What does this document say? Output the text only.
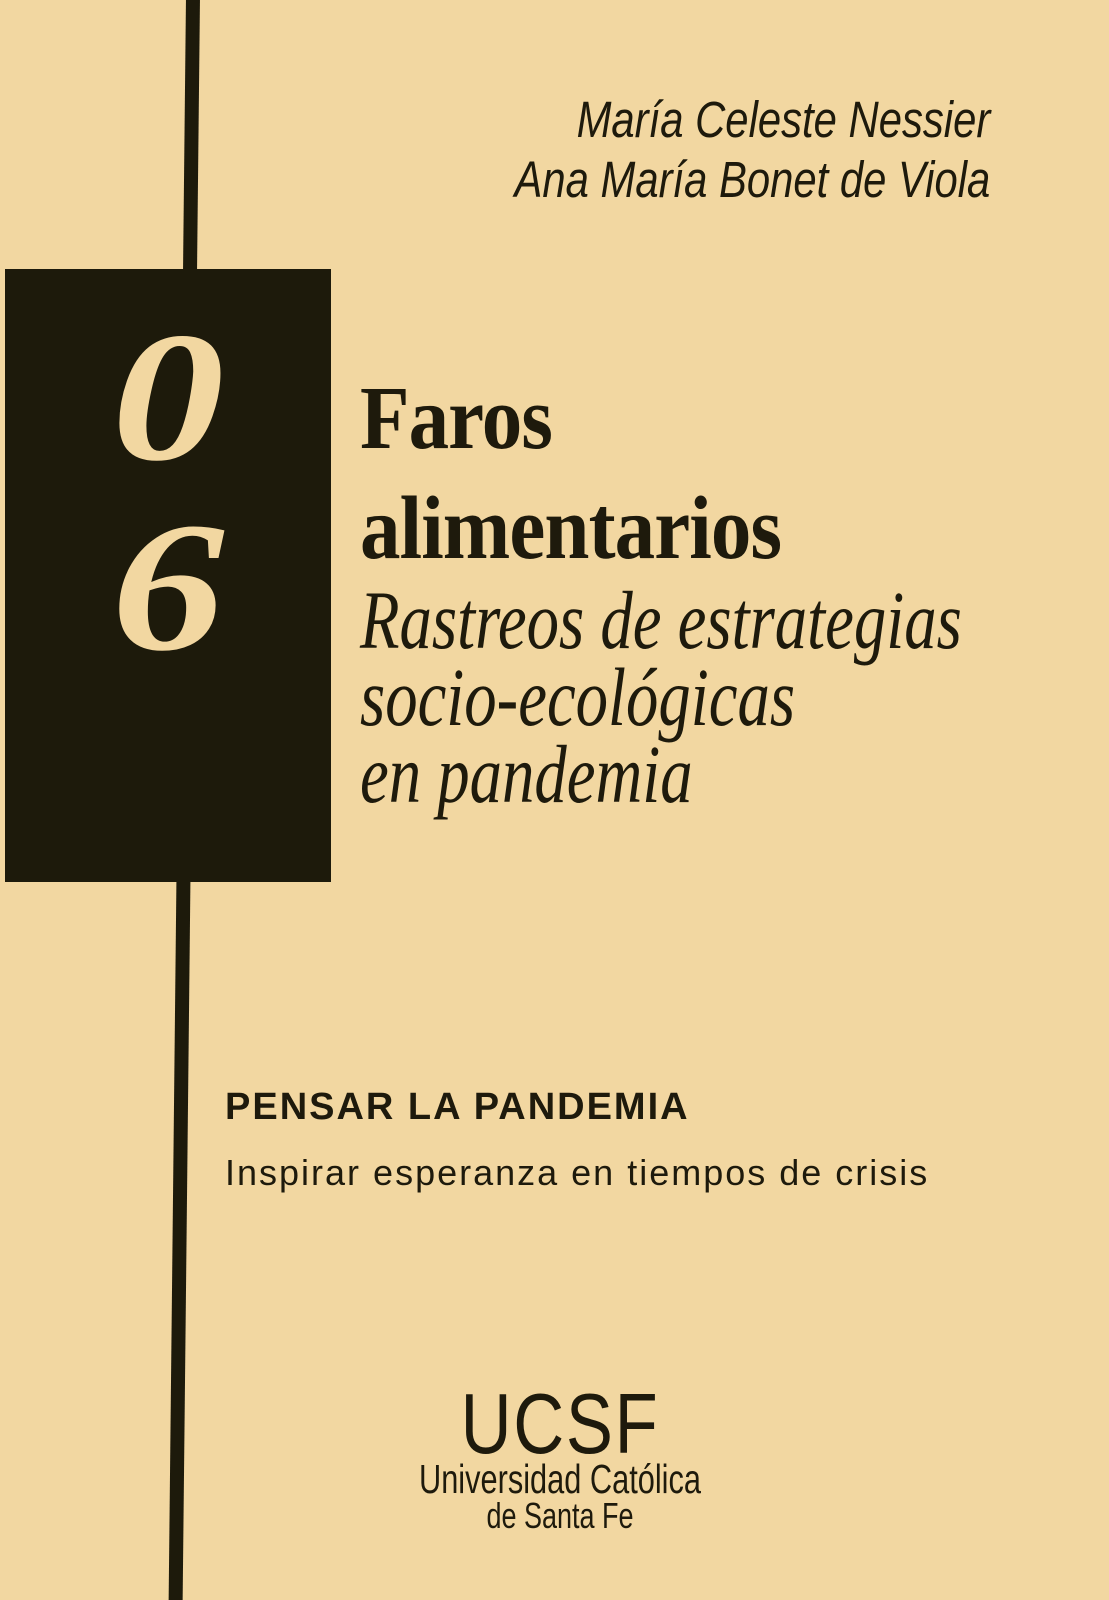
María Celeste Nessier
Ana María Bonet de Viola
0
6
Faros
alimentarios
Rastreos de estrategias
socio-ecológicas
en pandemia
PENSAR LA PANDEMIA
Inspirar esperanza en tiempos de crisis
UCSF
Universidad Católica
de Santa Fe
